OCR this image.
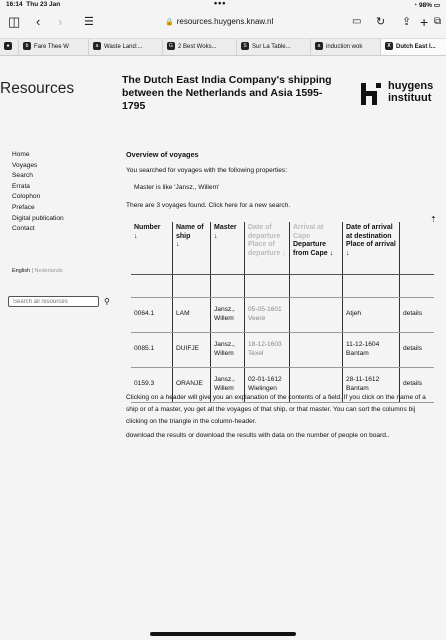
16:14 Thu 23 Jan	•••	◔ 98% ▭
◫ ‹ › ☰	🔒 resources.huygens.knaw.nl	▭ ↻ ⇪ + ⧉
●	b Fare Thee W	a Waste Land:...	G 2 Best Woks...	S Sur La Table...	a induction wok	X Dutch East I...
Resources	The Dutch East India Company's shipping between the Netherlands and Asia 1595-1795
huygens
instituut
Home
Voyages
Search
Errata
Colophon
Preface
Digital publication
Contact
English | Nederlands
Search all resources
⚲
Overview of voyages
You searched for voyages with the following properties:
Master is like 'Jansz., Willem'
There are 3 voyages found. Click here for a new search.
⇡
Number
↓	Name of ship
↓	Master
↓	Date of departure
Place of departure ↓	Arrival at Cape
Departure from Cape ↓	Date of arrival at destination
Place of arrival ↓	

0064.1	LAM	Jansz., Willem	05-05-1601 Veere		Atjeh	details
0085.1	DUIFJE	Jansz., Willem	18-12-1603 Texel		11-12-1604 Bantam	details
0159.3	ORANJE	Jansz., Willem	02-01-1612 Wielingen		28-11-1612 Bantam	details
Clicking on a header will give you an explanation of the contents of a field. If you click on the name of a ship or of a master, you get all the voyages of that ship, or that master. You can sort the columns bij clicking on the triangle in the column-header.
download the results or download the results with data on the number of people on board..
